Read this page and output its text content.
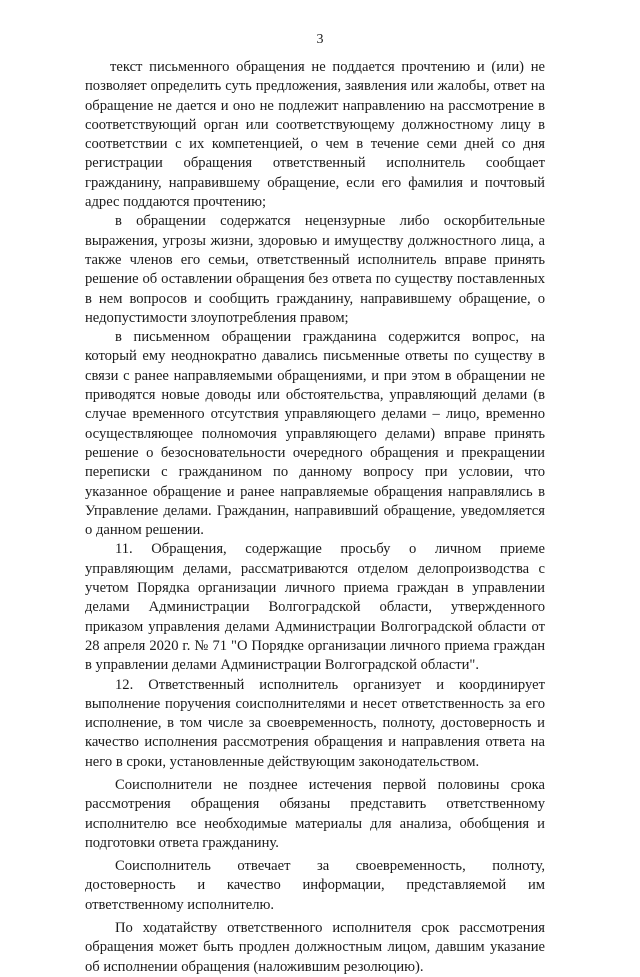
3

текст письменного обращения не поддается прочтению и (или) не позволяет определить суть предложения, заявления или жалобы, ответ на обращение не дается и оно не подлежит направлению на рассмотрение в соответствующий орган или соответствующему должностному лицу в соответствии с их компетенцией, о чем в течение семи дней со дня регистрации обращения ответственный исполнитель сообщает гражданину, направившему обращение, если его фамилия и почтовый адрес поддаются прочтению;

в обращении содержатся нецензурные либо оскорбительные выражения, угрозы жизни, здоровью и имуществу должностного лица, а также членов его семьи, ответственный исполнитель вправе принять решение об оставлении обращения без ответа по существу поставленных в нем вопросов и сообщить гражданину, направившему обращение, о недопустимости злоупотребления правом;

в письменном обращении гражданина содержится вопрос, на который ему неоднократно давались письменные ответы по существу в связи с ранее направляемыми обращениями, и при этом в обращении не приводятся новые доводы или обстоятельства, управляющий делами (в случае временного отсутствия управляющего делами – лицо, временно осуществляющее полномочия управляющего делами) вправе принять решение о безосновательности очередного обращения и прекращении переписки с гражданином по данному вопросу при условии, что указанное обращение и ранее направляемые обращения направлялись в Управление делами. Гражданин, направивший обращение, уведомляется о данном решении.

11. Обращения, содержащие просьбу о личном приеме управляющим делами, рассматриваются отделом делопроизводства с учетом Порядка организации личного приема граждан в управлении делами Администрации Волгоградской области, утвержденного приказом управления делами Администрации Волгоградской области от 28 апреля 2020 г. № 71 "О Порядке организации личного приема граждан в управлении делами Администрации Волгоградской области".

12. Ответственный исполнитель организует и координирует выполнение поручения соисполнителями и несет ответственность за его исполнение, в том числе за своевременность, полноту, достоверность и качество исполнения рассмотрения обращения и направления ответа на него в сроки, установленные действующим законодательством.

Соисполнители не позднее истечения первой половины срока рассмотрения обращения обязаны представить ответственному исполнителю все необходимые материалы для анализа, обобщения и подготовки ответа гражданину.

Соисполнитель отвечает за своевременность, полноту, достоверность и качество информации, представляемой им ответственному исполнителю.

По ходатайству ответственного исполнителя срок рассмотрения обращения может быть продлен должностным лицом, давшим указание об исполнении обращения (наложившим резолюцию).
